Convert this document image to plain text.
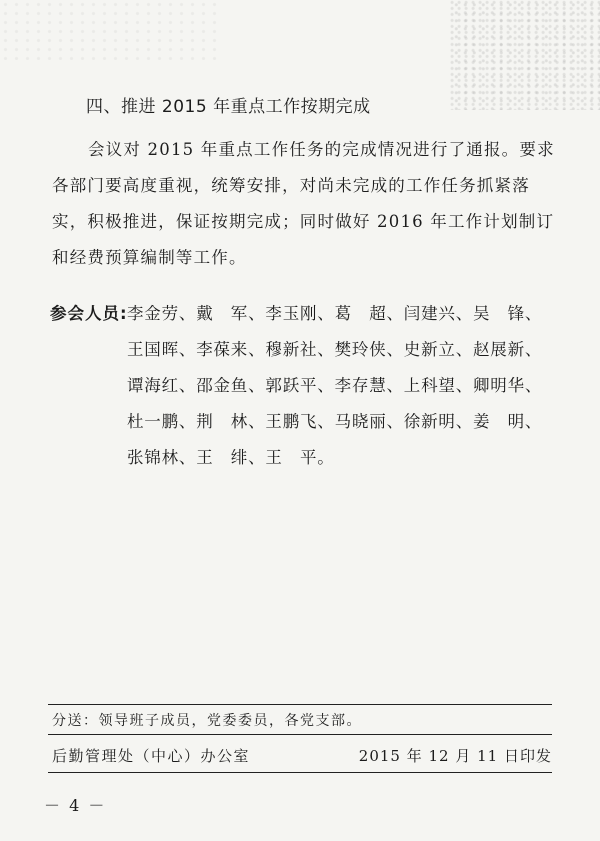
四、推进 2015 年重点工作按期完成
会议对 2015 年重点工作任务的完成情况进行了通报。要求
各部门要高度重视，统筹安排，对尚未完成的工作任务抓紧落
实，积极推进，保证按期完成；同时做好 2016 年工作计划制订
和经费预算编制等工作。
参会人员: 李金劳、戴　军、李玉刚、葛　超、闫建兴、吴　锋、
王国晖、李葆来、穆新社、樊玲侠、史新立、赵展新、
谭海红、邵金鱼、郭跃平、李存慧、上科望、卿明华、
杜一鹏、荆　林、王鹏飞、马晓丽、徐新明、姜　明、
张锦林、王　绯、王　平。
分送：领导班子成员，党委委员，各党支部。
后勤管理处（中心）办公室	2015 年 12 月 11 日印发
－ 4 －
